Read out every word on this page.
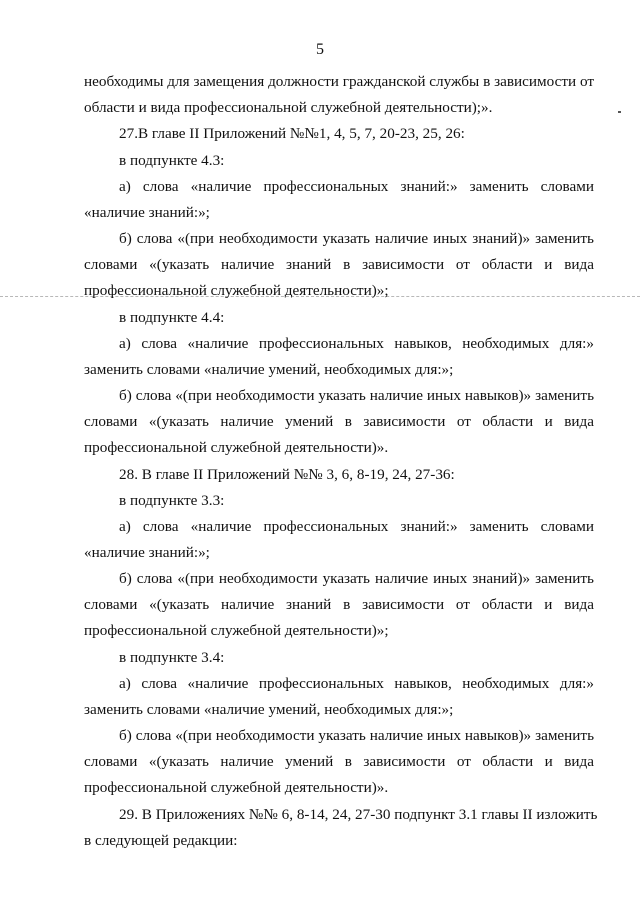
5
необходимы для замещения должности гражданской службы в зависимости от
области и вида профессиональной служебной деятельности);».
27.В главе II Приложений №№1, 4, 5, 7, 20-23, 25, 26:
в подпункте 4.3:
а) слова «наличие профессиональных знаний:» заменить словами
«наличие знаний:»;
б) слова «(при необходимости указать наличие иных знаний)» заменить
словами «(указать наличие знаний в зависимости от области и вида
профессиональной служебной деятельности)»;
в подпункте 4.4:
а) слова «наличие профессиональных навыков, необходимых для:»
заменить словами «наличие умений, необходимых для:»;
б) слова «(при необходимости указать наличие иных навыков)» заменить
словами «(указать наличие умений в зависимости от области и вида
профессиональной служебной деятельности)».
28. В главе II Приложений №№ 3, 6, 8-19, 24, 27-36:
в подпункте 3.3:
а) слова «наличие профессиональных знаний:» заменить словами
«наличие знаний:»;
б) слова «(при необходимости указать наличие иных знаний)» заменить
словами «(указать наличие знаний в зависимости от области и вида
профессиональной служебной деятельности)»;
в подпункте 3.4:
а) слова «наличие профессиональных навыков, необходимых для:»
заменить словами «наличие умений, необходимых для:»;
б) слова «(при необходимости указать наличие иных навыков)» заменить
словами «(указать наличие умений в зависимости от области и вида
профессиональной служебной деятельности)».
29. В Приложениях №№ 6, 8-14, 24, 27-30 подпункт 3.1 главы II изложить
в следующей редакции:
